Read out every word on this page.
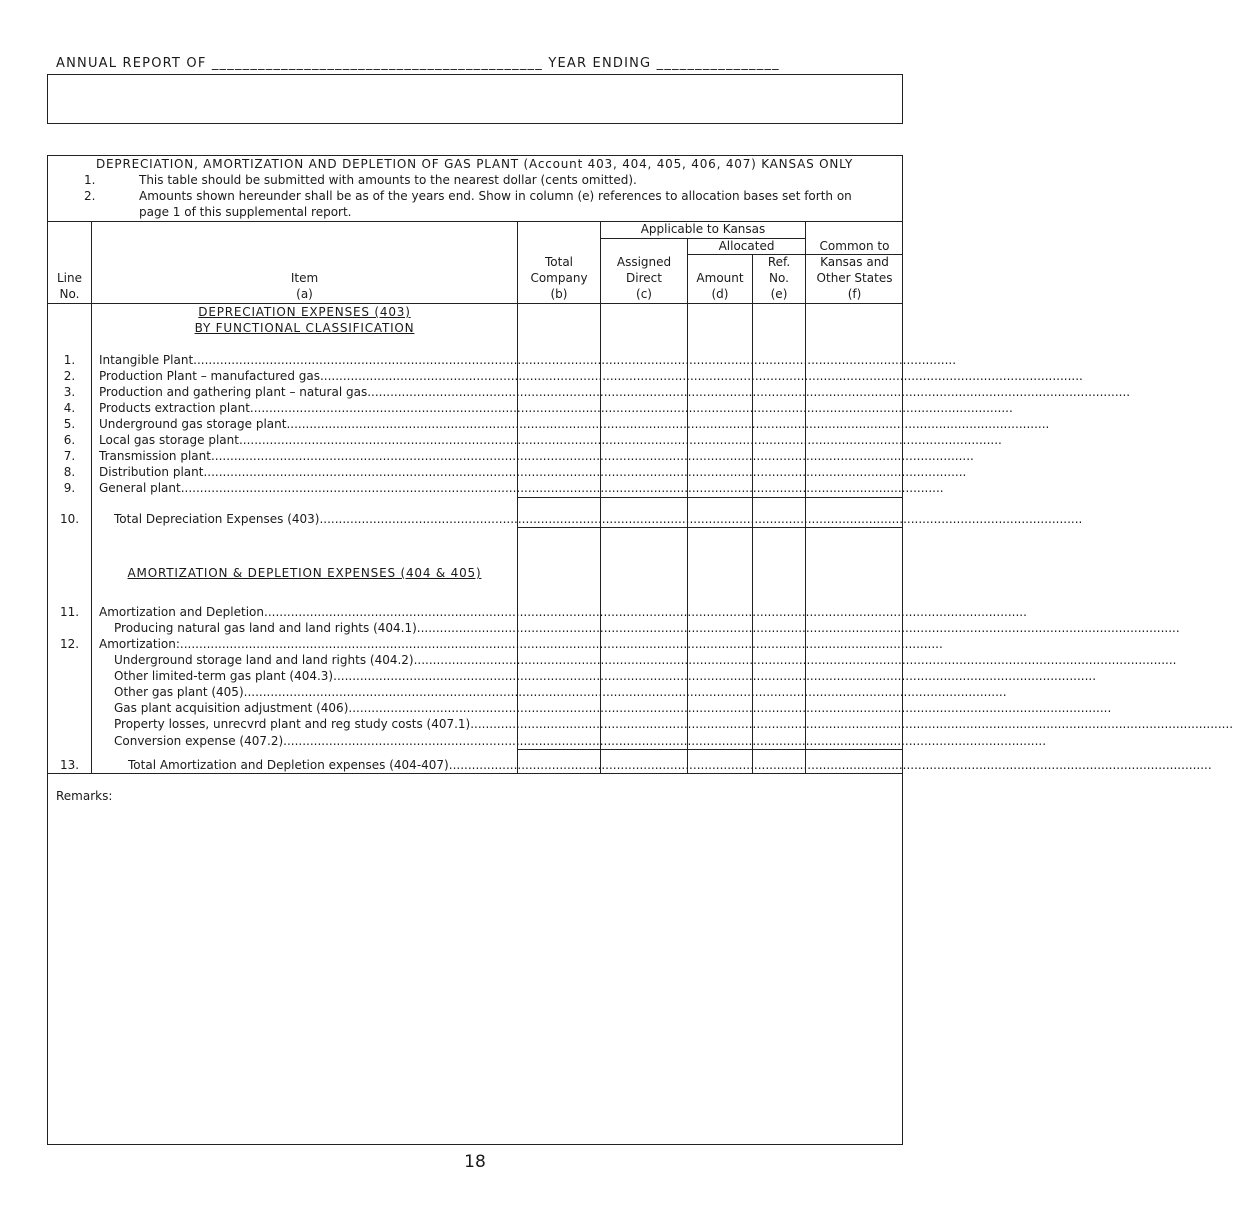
ANNUAL REPORT OF ___________________________________________ YEAR ENDING ________________
DEPRECIATION, AMORTIZATION AND DEPLETION OF GAS PLANT (Account 403, 404, 405, 406, 407) KANSAS ONLY
1.	This table should be submitted with amounts to the nearest dollar (cents omitted).
2.	Amounts shown hereunder shall be as of the years end. Show in column (e) references to allocation bases set forth on
page 1 of this supplemental report.
Line
No.
Item
(a)
Total
Company
(b)
Applicable to Kansas
Allocated
Assigned
Direct
(c)
Amount
(d)
Ref.
No.
(e)
Common to
Kansas and
Other States
(f)
DEPRECIATION EXPENSES (403)
BY FUNCTIONAL CLASSIFICATION
1.	Intangible Plant........................................................................................................................................................................................................
2.	Production Plant – manufactured gas........................................................................................................................................................................................................
3.	Production and gathering plant – natural gas........................................................................................................................................................................................................
4.	Products extraction plant........................................................................................................................................................................................................
5.	Underground gas storage plant........................................................................................................................................................................................................
6.	Local gas storage plant........................................................................................................................................................................................................
7.	Transmission plant........................................................................................................................................................................................................
8.	Distribution plant........................................................................................................................................................................................................
9.	General plant........................................................................................................................................................................................................
10.	Total Depreciation Expenses (403)........................................................................................................................................................................................................
AMORTIZATION & DEPLETION EXPENSES (404 & 405)
11.	Amortization and Depletion........................................................................................................................................................................................................
Producing natural gas land and land rights (404.1)........................................................................................................................................................................................................
12.	Amortization:........................................................................................................................................................................................................
Underground storage land and land rights (404.2)........................................................................................................................................................................................................
Other limited-term gas plant (404.3)........................................................................................................................................................................................................
Other gas plant (405)........................................................................................................................................................................................................
Gas plant acquisition adjustment (406)........................................................................................................................................................................................................
Property losses, unrecvrd plant and reg study costs (407.1)........................................................................................................................................................................................................
Conversion expense (407.2)........................................................................................................................................................................................................
13.	Total Amortization and Depletion expenses (404-407)........................................................................................................................................................................................................
Remarks:
18
